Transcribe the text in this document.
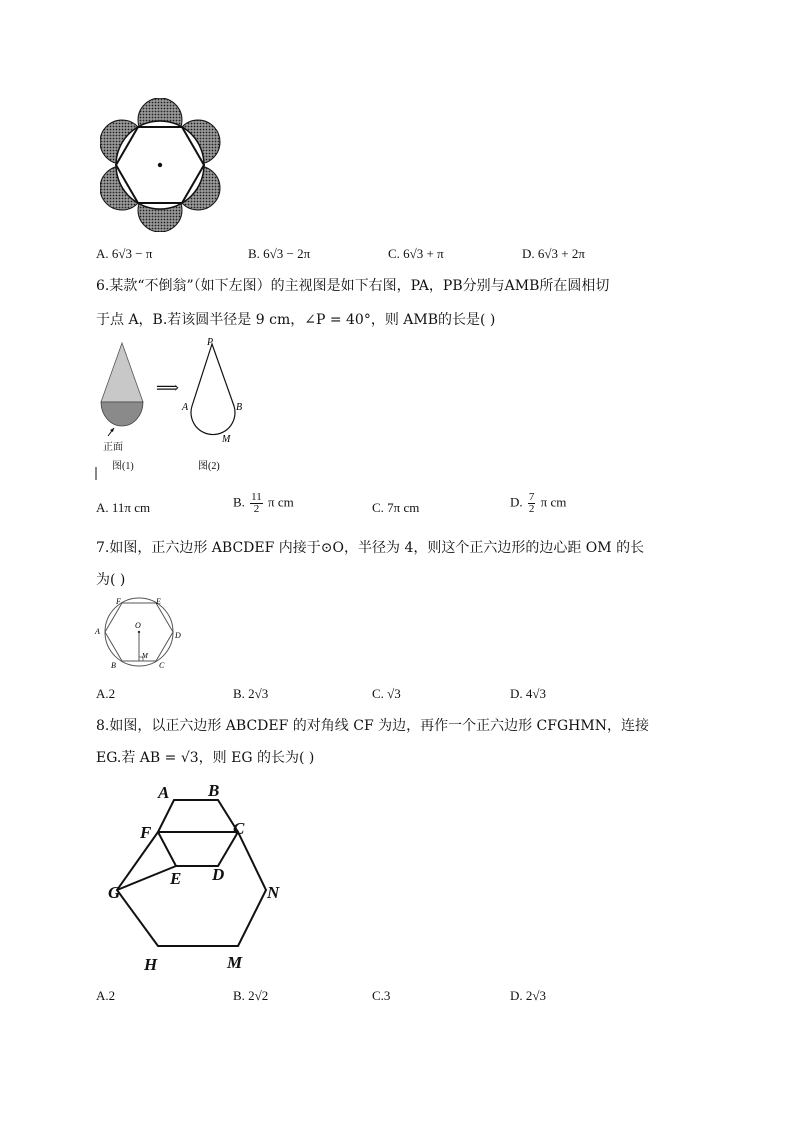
A. 6√3 − π	B. 6√3 − 2π	C. 6√3 + π	D. 6√3 + 2π
6.某款“不倒翁”（如下左图）的主视图是如下右图，PA，PB分别与AMB所在圆相切
于点 A，B.若该圆半径是 9 cm，∠P = 40°，则 AMB的长是( )
正面
图(1)
⟹
P
A	B
M
图(2)
A. 11π cm	B. $\frac{11}{2}$ π cm	C. 7π cm	D. $\frac{7}{2}$ π cm
7.如图，正六边形 ABCDEF 内接于⊙O，半径为 4，则这个正六边形的边心距 OM 的长
为( )
F	E
A	D
O
M
B	C
A.2	B. 2√3	C. √3	D. 4√3
8.如图，以正六边形 ABCDEF 的对角线 CF 为边，再作一个正六边形 CFGHMN，连接
EG.若 AB = √3，则 EG 的长为( )
A B
F	C
E D
G	N
H	M
A.2	B. 2√2	C.3	D. 2√3
